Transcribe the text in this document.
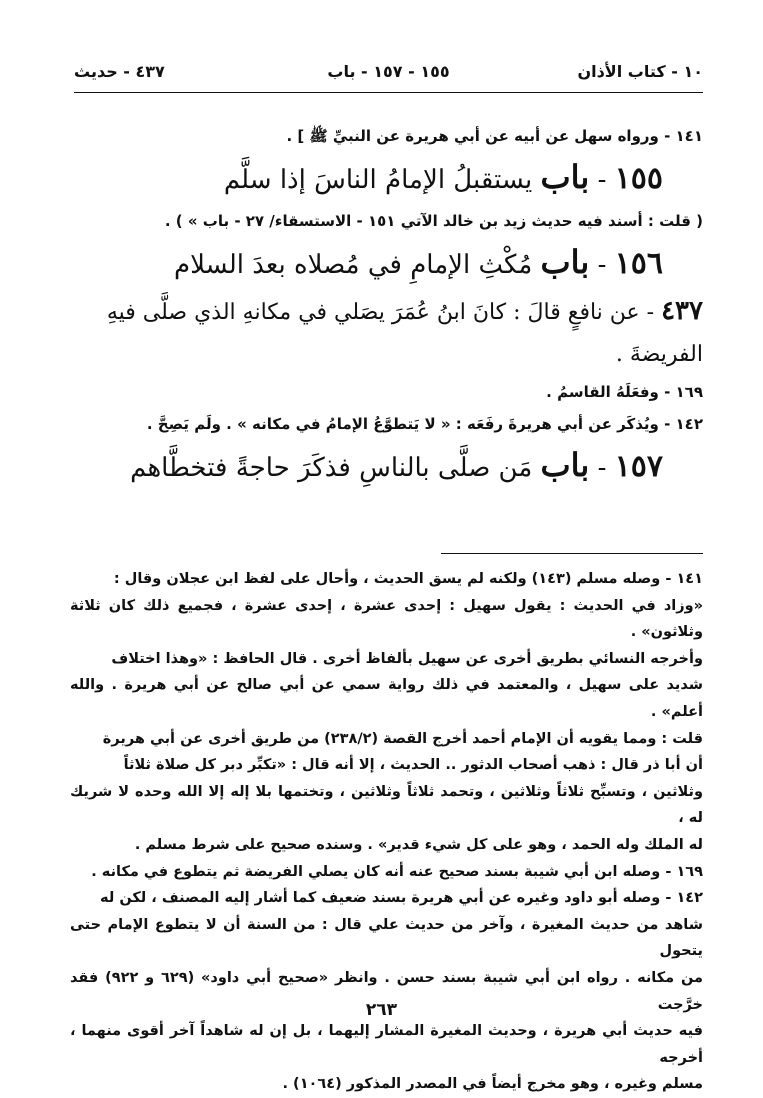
١٠ - كتاب الأذان
١٥٥ - ١٥٧ - باب
٤٣٧ - حديث

١٤١ - ورواه سهل عن أبيه عن أبي هريرة عن النبيِّ ﷺ ] .

١٥٥ - باب يستقبلُ الإمامُ الناسَ إذا سلَّم

( قلت : أسند فيه حديث زيد بن خالد الآتي ١٥١ - الاستسقاء/ ٢٧ - باب » ) .

١٥٦ - باب مُكْثِ الإمامِ في مُصلاه بعدَ السلام

٤٣٧ - عن نافعٍ قالَ : كانَ ابنُ عُمَرَ يصَلي في مكانهِ الذي صلَّى فيهِ

الفريضةَ .

١٦٩ - وفعَلَهُ القاسمُ .

١٤٢ - ويُذكَر عن أبي هريرةَ رفَعَه : « لا يَتطوَّعُ الإمامُ في مكانه » . ولَم يَصِحَّ .

١٥٧ - باب مَن صلَّى بالناسِ فذكَرَ حاجةً فتخطَّاهم

١٤١ - وصله مسلم (١٤٣) ولكنه لم يسق الحديث ، وأحال على لفظ ابن عجلان وقال :

«وزاد في الحديث : يقول سهيل : إحدى عشرة ، إحدى عشرة ، فجميع ذلك كان ثلاثة وثلاثون» .

وأخرجه النسائي بطريق أخرى عن سهيل بألفاظ أخرى . قال الحافظ : «وهذا اختلاف

شديد على سهيل ، والمعتمد في ذلك رواية سمي عن أبي صالح عن أبي هريرة . والله أعلم» .

قلت : ومما يقويه أن الإمام أحمد أخرج القصة (٢٣٨/٢) من طريق أخرى عن أبي هريرة

أن أبا ذر قال : ذهب أصحاب الدثور .. الحديث ، إلا أنه قال : «تكبِّر دبر كل صلاة ثلاثاً

وثلاثين ، وتسبِّح ثلاثاً وثلاثين ، وتحمد ثلاثاً وثلاثين ، وتختمها بلا إله إلا الله وحده لا شريك له ،

له الملك وله الحمد ، وهو على كل شيء قدير» . وسنده صحيح على شرط مسلم .

١٦٩ - وصله ابن أبي شيبة بسند صحيح عنه أنه كان يصلي الفريضة ثم يتطوع في مكانه .

١٤٢ - وصله أبو داود وغيره عن أبي هريرة بسند ضعيف كما أشار إليه المصنف ، لكن له

شاهد من حديث المغيرة ، وآخر من حديث علي قال : من السنة أن لا يتطوع الإمام حتى يتحول

من مكانه . رواه ابن أبي شيبة بسند حسن . وانظر «صحيح أبي داود» (٦٢٩ و ٩٢٢) فقد خرَّجت

فيه حديث أبي هريرة ، وحديث المغيرة المشار إليهما ، بل إن له شاهداً آخر أقوى منهما ، أخرجه

مسلم وغيره ، وهو مخرج أيضاً في المصدر المذكور (١٠٦٤) .

٢٦٣
